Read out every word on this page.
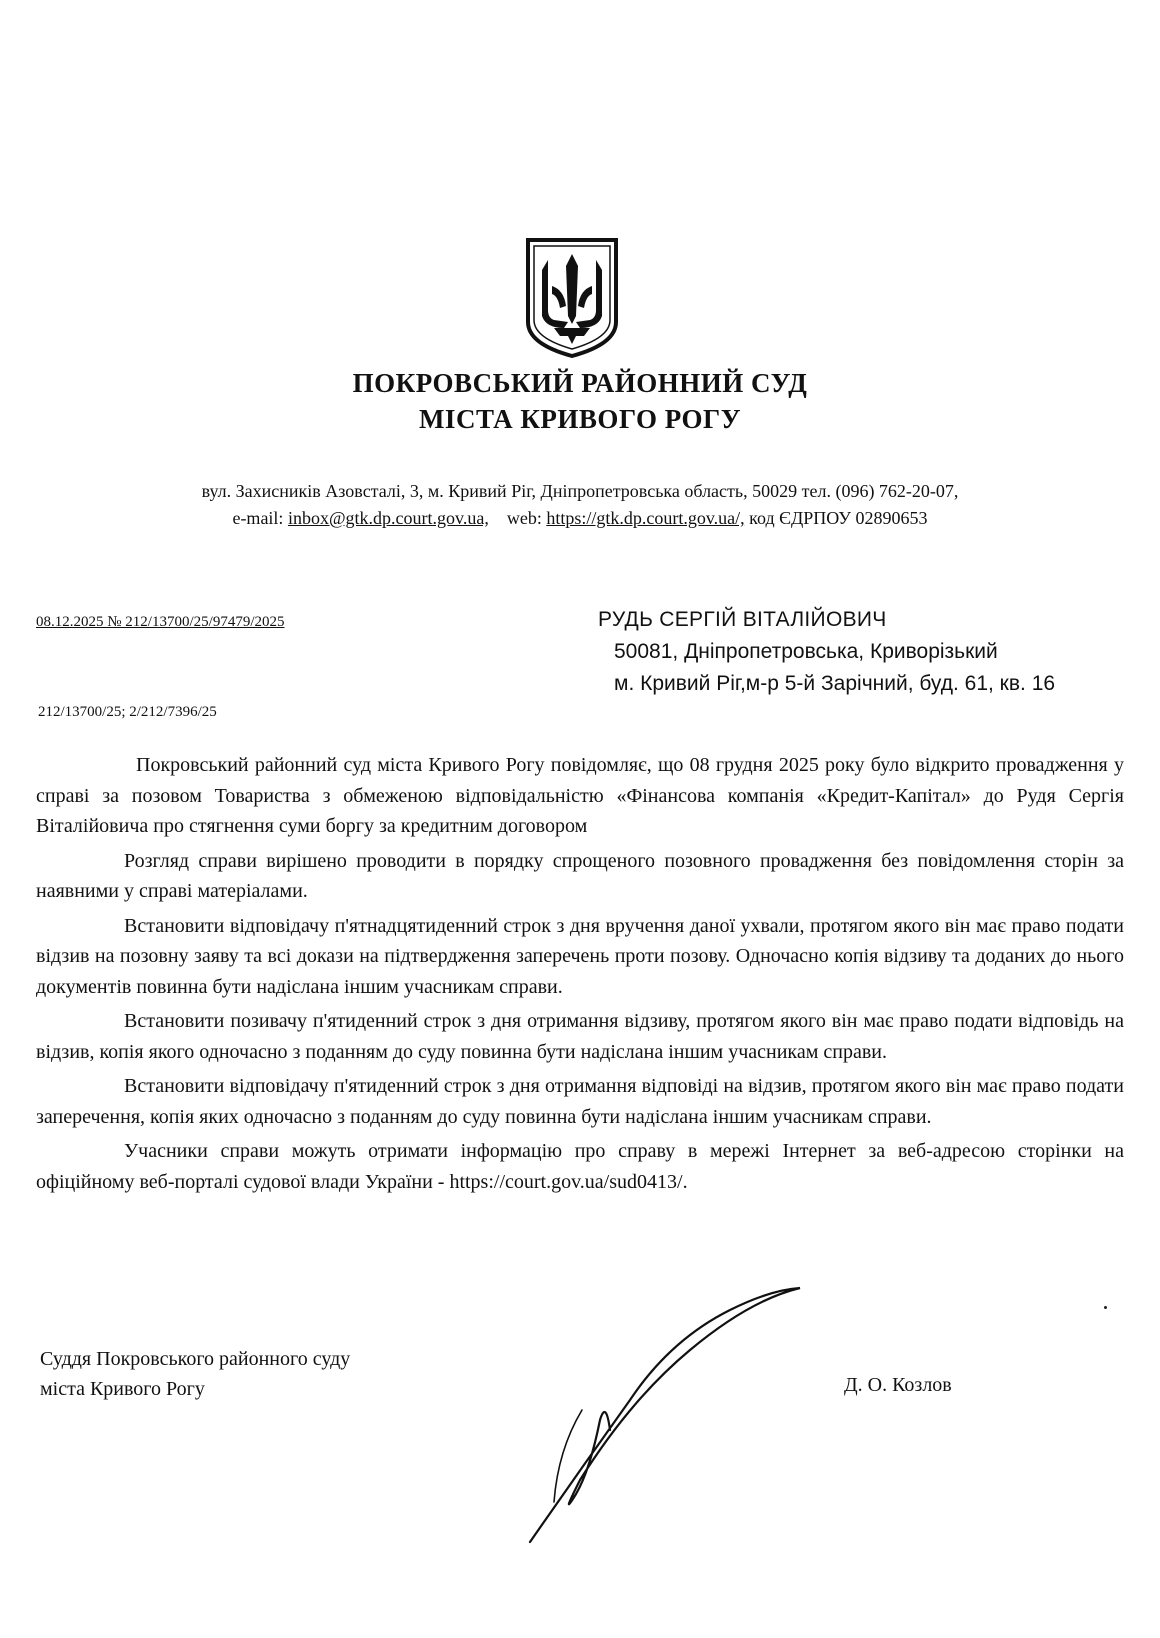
ПОКРОВСЬКИЙ РАЙОННИЙ СУД
МІСТА КРИВОГО РОГУ
вул. Захисників Азовсталі, 3, м. Кривий Ріг, Дніпропетровська область, 50029 тел. (096) 762-20-07,
e-mail: inbox@gtk.dp.court.gov.ua, web: https://gtk.dp.court.gov.ua/, код ЄДРПОУ 02890653
08.12.2025 № 212/13700/25/97479/2025	РУДЬ СЕРГІЙ ВІТАЛІЙОВИЧ
50081, Дніпропетровська, Криворізький
м. Кривий Ріг,м-р 5-й Зарічний, буд. 61, кв. 16
212/13700/25; 2/212/7396/25

Покровський районний суд міста Кривого Рогу повідомляє, що 08 грудня 2025 року було відкрито провадження у справі за позовом Товариства з обмеженою відповідальністю «Фінансова компанія «Кредит-Капітал» до Рудя Сергія Віталійовича про стягнення суми боргу за кредитним договором

Розгляд справи вирішено проводити в порядку спрощеного позовного провадження без повідомлення сторін за наявними у справі матеріалами.

Встановити відповідачу п'ятнадцятиденний строк з дня вручення даної ухвали, протягом якого він має право подати відзив на позовну заяву та всі докази на підтвердження заперечень проти позову. Одночасно копія відзиву та доданих до нього документів повинна бути надіслана іншим учасникам справи.

Встановити позивачу п'ятиденний строк з дня отримання відзиву, протягом якого він має право подати відповідь на відзив, копія якого одночасно з поданням до суду повинна бути надіслана іншим учасникам справи.

Встановити відповідачу п'ятиденний строк з дня отримання відповіді на відзив, протягом якого він має право подати заперечення, копія яких одночасно з поданням до суду повинна бути надіслана іншим учасникам справи.

Учасники справи можуть отримати інформацію про справу в мережі Інтернет за веб-адресою сторінки на офіційному веб-порталі судової влади України - https://court.gov.ua/sud0413/.

Суддя Покровського районного суду
міста Кривого Рогу	Д. О. Козлов
